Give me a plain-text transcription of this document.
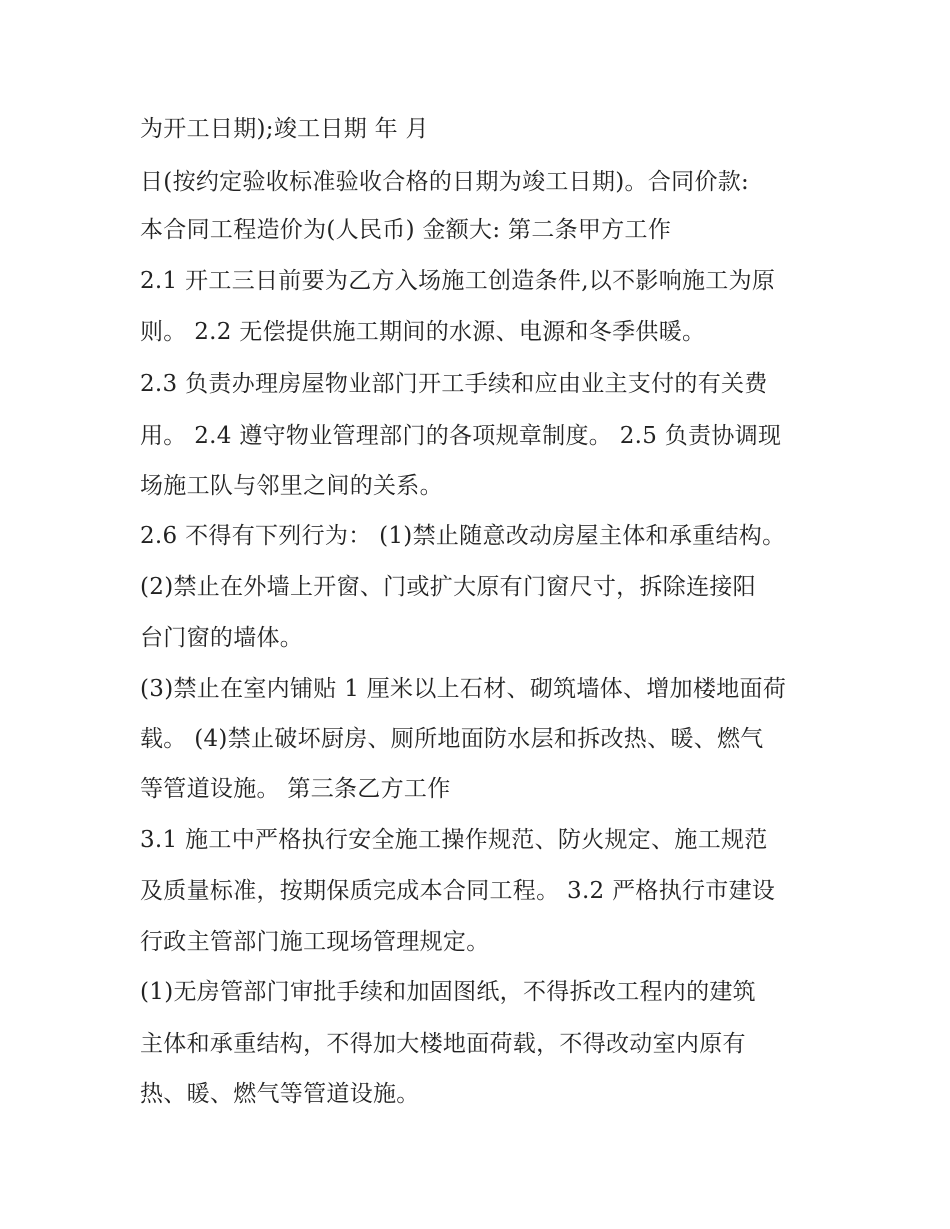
为开工日期);竣工日期 年 月
日(按约定验收标准验收合格的日期为竣工日期)。合同价款:
本合同工程造价为(人民币) 金额大: 第二条甲方工作
2.1 开工三日前要为乙方入场施工创造条件,以不影响施工为原
则。 2.2 无偿提供施工期间的水源、电源和冬季供暖。
2.3 负责办理房屋物业部门开工手续和应由业主支付的有关费
用。 2.4 遵守物业管理部门的各项规章制度。 2.5 负责协调现
场施工队与邻里之间的关系。
2.6 不得有下列行为： (1)禁止随意改动房屋主体和承重结构。
(2)禁止在外墙上开窗、门或扩大原有门窗尺寸，拆除连接阳
台门窗的墙体。
(3)禁止在室内铺贴 1 厘米以上石材、砌筑墙体、增加楼地面荷
载。 (4)禁止破坏厨房、厕所地面防水层和拆改热、暖、燃气
等管道设施。 第三条乙方工作
3.1 施工中严格执行安全施工操作规范、防火规定、施工规范
及质量标准，按期保质完成本合同工程。 3.2 严格执行市建设
行政主管部门施工现场管理规定。
(1)无房管部门审批手续和加固图纸，不得拆改工程内的建筑
主体和承重结构，不得加大楼地面荷载，不得改动室内原有
热、暖、燃气等管道设施。
